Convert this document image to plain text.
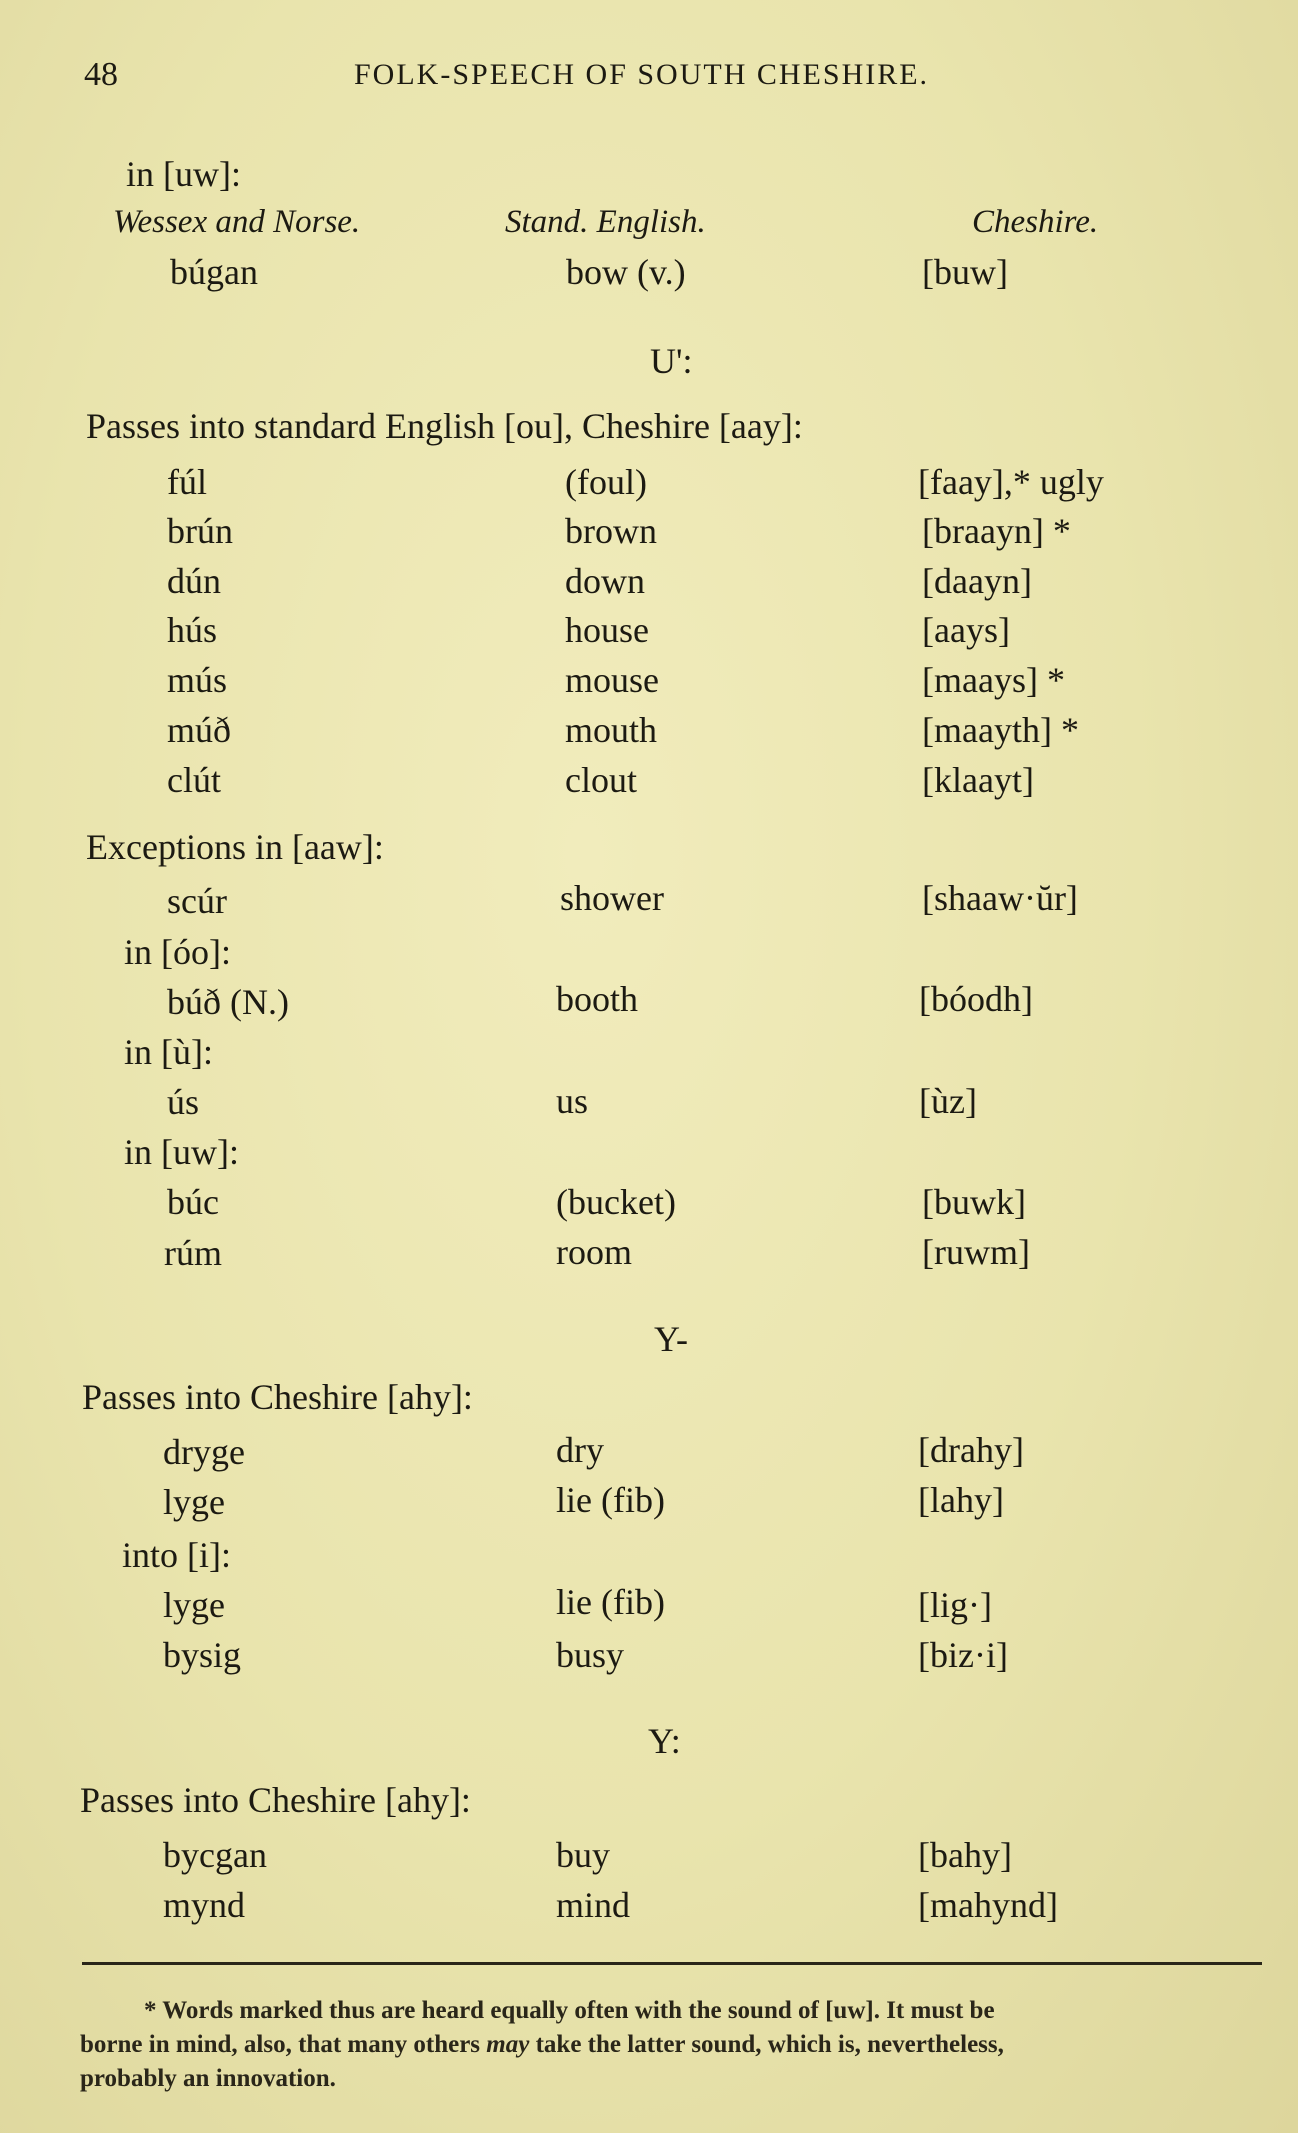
48	FOLK-SPEECH OF SOUTH CHESHIRE.
in [uw]:
Wessex and Norse.	Stand. English.	Cheshire.
búgan	bow (v.)	[buw]
U':
Passes into standard English [ou], Cheshire [aay]:
fúl	(foul)	[faay],* ugly
brún	brown	[braayn] *
dún	down	[daayn]
hús	house	[aays]
mús	mouse	[maays] *
múð	mouth	[maayth] *
clút	clout	[klaayt]
Exceptions in [aaw]:
scúr	shower	[shaaw·ŭr]
in [óo]:
búð (N.)	booth	[bóodh]
in [ù]:
ús	us	[ùz]
in [uw]:
búc	(bucket)	[buwk]
rúm	room	[ruwm]
Y-
Passes into Cheshire [ahy]:
dryge	dry	[drahy]
lyge	lie (fib)	[lahy]
into [i]:
lyge	lie (fib)	[lig·]
bysig	busy	[biz·i]
Y:
Passes into Cheshire [ahy]:
bycgan	buy	[bahy]
mynd	mind	[mahynd]
* Words marked thus are heard equally often with the sound of [uw]. It must be
borne in mind, also, that many others may take the latter sound, which is, nevertheless,
probably an innovation.
